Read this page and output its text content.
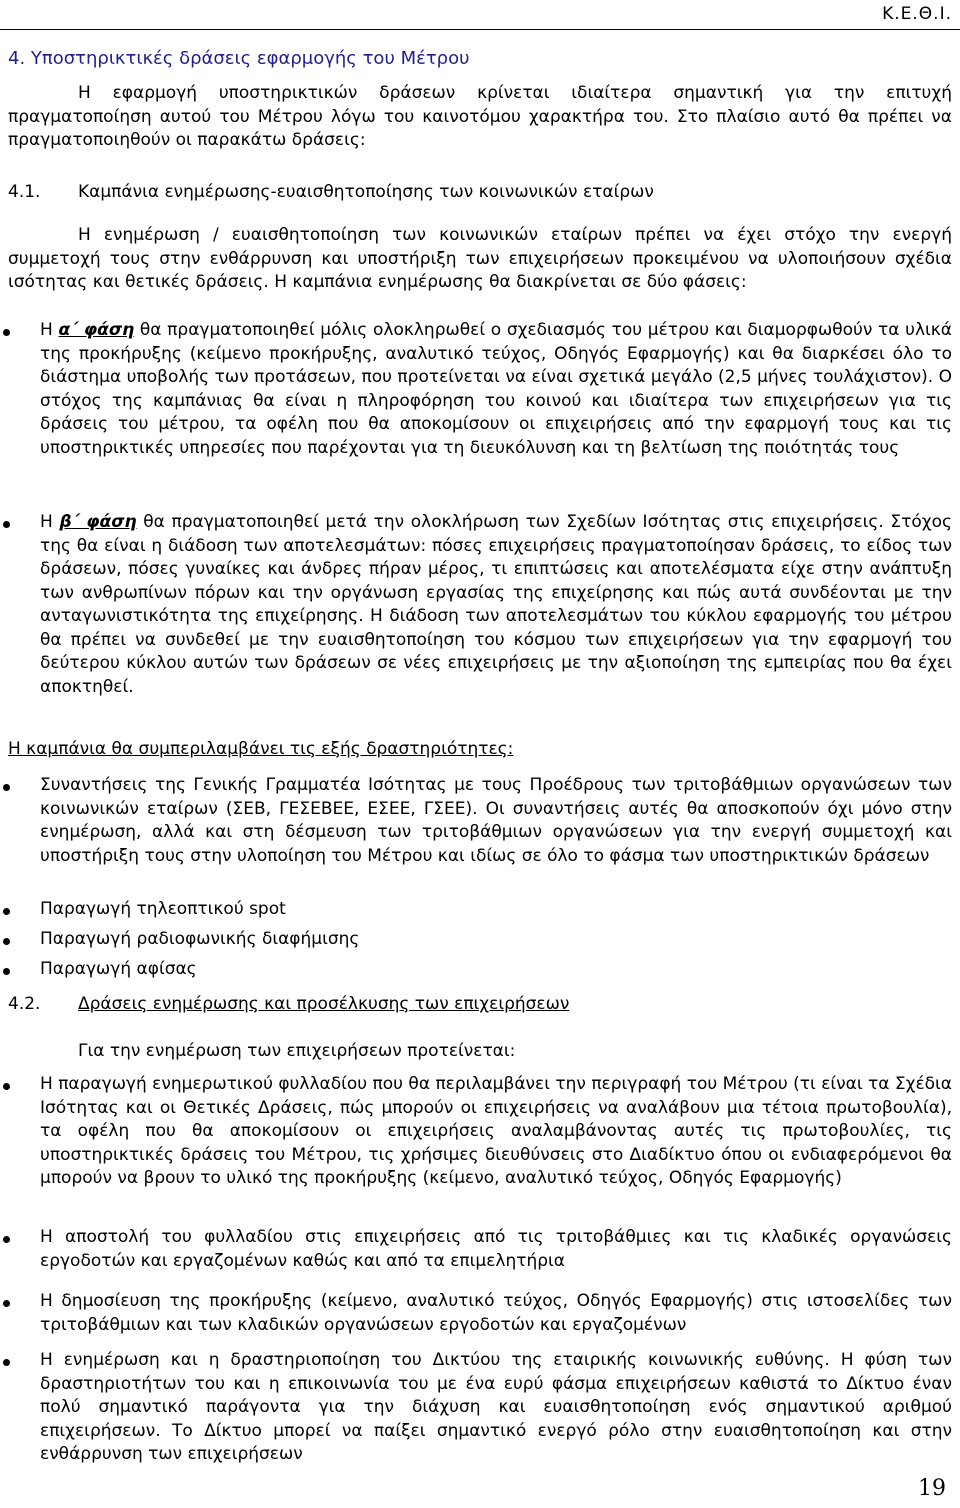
Κ.Ε.Θ.Ι.
4. Υποστηρικτικές δράσεις εφαρμογής του Μέτρου
Η εφαρμογή υποστηρικτικών δράσεων κρίνεται ιδιαίτερα σημαντική για την επιτυχή πραγματοποίηση αυτού του Μέτρου λόγω του καινοτόμου χαρακτήρα του. Στο πλαίσιο αυτό θα πρέπει να πραγματοποιηθούν οι παρακάτω δράσεις:
4.1. Καμπάνια ενημέρωσης-ευαισθητοποίησης των κοινωνικών εταίρων
Η ενημέρωση / ευαισθητοποίηση των κοινωνικών εταίρων πρέπει να έχει στόχο την ενεργή συμμετοχή τους στην ενθάρρυνση και υποστήριξη των επιχειρήσεων προκειμένου να υλοποιήσουν σχέδια ισότητας και θετικές δράσεις. Η καμπάνια ενημέρωσης θα διακρίνεται σε δύο φάσεις:
Η α΄ φάση θα πραγματοποιηθεί μόλις ολοκληρωθεί ο σχεδιασμός του μέτρου και διαμορφωθούν τα υλικά της προκήρυξης (κείμενο προκήρυξης, αναλυτικό τεύχος, Οδηγός Εφαρμογής) και θα διαρκέσει όλο το διάστημα υποβολής των προτάσεων, που προτείνεται να είναι σχετικά μεγάλο (2,5 μήνες τουλάχιστον). Ο στόχος της καμπάνιας θα είναι η πληροφόρηση του κοινού και ιδιαίτερα των επιχειρήσεων για τις δράσεις του μέτρου, τα οφέλη που θα αποκομίσουν οι επιχειρήσεις από την εφαρμογή τους και τις υποστηρικτικές υπηρεσίες που παρέχονται για τη διευκόλυνση και τη βελτίωση της ποιότητάς τους
Η β΄ φάση θα πραγματοποιηθεί μετά την ολοκλήρωση των Σχεδίων Ισότητας στις επιχειρήσεις. Στόχος της θα είναι η διάδοση των αποτελεσμάτων: πόσες επιχειρήσεις πραγματοποίησαν δράσεις, το είδος των δράσεων, πόσες γυναίκες και άνδρες πήραν μέρος, τι επιπτώσεις και αποτελέσματα είχε στην ανάπτυξη των ανθρωπίνων πόρων και την οργάνωση εργασίας της επιχείρησης και πώς αυτά συνδέονται με την ανταγωνιστικότητα της επιχείρησης. Η διάδοση των αποτελεσμάτων του κύκλου εφαρμογής του μέτρου θα πρέπει να συνδεθεί με την ευαισθητοποίηση του κόσμου των επιχειρήσεων για την εφαρμογή του δεύτερου κύκλου αυτών των δράσεων σε νέες επιχειρήσεις με την αξιοποίηση της εμπειρίας που θα έχει αποκτηθεί.
Η καμπάνια θα συμπεριλαμβάνει τις εξής δραστηριότητες:
Συναντήσεις της Γενικής Γραμματέα Ισότητας με τους Προέδρους των τριτοβάθμιων οργανώσεων των κοινωνικών εταίρων (ΣΕΒ, ΓΕΣΕΒΕΕ, ΕΣΕΕ, ΓΣΕΕ). Οι συναντήσεις αυτές θα αποσκοπούν όχι μόνο στην ενημέρωση, αλλά και στη δέσμευση των τριτοβάθμιων οργανώσεων για την ενεργή συμμετοχή και υποστήριξη τους στην υλοποίηση του Μέτρου και ιδίως σε όλο το φάσμα των υποστηρικτικών δράσεων
Παραγωγή τηλεοπτικού spot
Παραγωγή ραδιοφωνικής διαφήμισης
Παραγωγή αφίσας
4.2. Δράσεις ενημέρωσης και προσέλκυσης των επιχειρήσεων
Για την ενημέρωση των επιχειρήσεων προτείνεται:
Η παραγωγή ενημερωτικού φυλλαδίου που θα περιλαμβάνει την περιγραφή του Μέτρου (τι είναι τα Σχέδια Ισότητας και οι Θετικές Δράσεις, πώς μπορούν οι επιχειρήσεις να αναλάβουν μια τέτοια πρωτοβουλία), τα οφέλη που θα αποκομίσουν οι επιχειρήσεις αναλαμβάνοντας αυτές τις πρωτοβουλίες, τις υποστηρικτικές δράσεις του Μέτρου, τις χρήσιμες διευθύνσεις στο Διαδίκτυο όπου οι ενδιαφερόμενοι θα μπορούν να βρουν το υλικό της προκήρυξης (κείμενο, αναλυτικό τεύχος, Οδηγός Εφαρμογής)
Η αποστολή του φυλλαδίου στις επιχειρήσεις από τις τριτοβάθμιες και τις κλαδικές οργανώσεις εργοδοτών και εργαζομένων καθώς και από τα επιμελητήρια
Η δημοσίευση της προκήρυξης (κείμενο, αναλυτικό τεύχος, Οδηγός Εφαρμογής) στις ιστοσελίδες των τριτοβάθμιων και των κλαδικών οργανώσεων εργοδοτών και εργαζομένων
Η ενημέρωση και η δραστηριοποίηση του Δικτύου της εταιρικής κοινωνικής ευθύνης. Η φύση των δραστηριοτήτων του και η επικοινωνία του με ένα ευρύ φάσμα επιχειρήσεων καθιστά το Δίκτυο έναν πολύ σημαντικό παράγοντα για την διάχυση και ευαισθητοποίηση ενός σημαντικού αριθμού επιχειρήσεων. Το Δίκτυο μπορεί να παίξει σημαντικό ενεργό ρόλο στην ευαισθητοποίηση και στην ενθάρρυνση των επιχειρήσεων
19
